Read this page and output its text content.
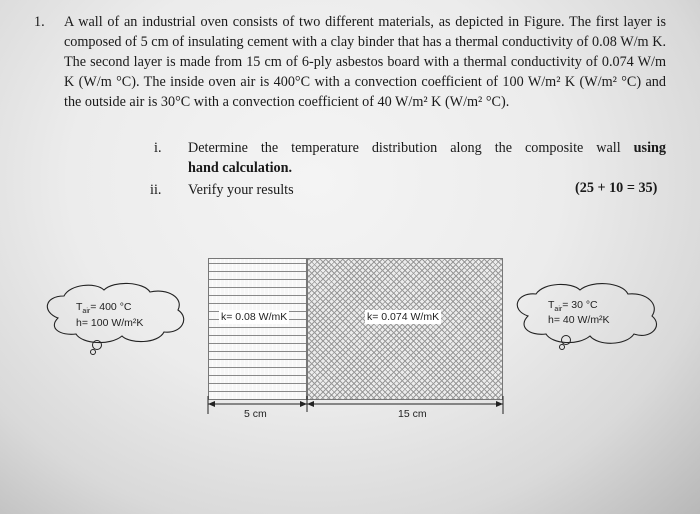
1. A wall of an industrial oven consists of two different materials, as depicted in Figure. The first layer is composed of 5 cm of insulating cement with a clay binder that has a thermal conductivity of 0.08 W/m K. The second layer is made from 15 cm of 6-ply asbestos board with a thermal conductivity of 0.074 W/m K (W/m °C). The inside oven air is 400°C with a convection coefficient of 100 W/m² K (W/m² °C) and the outside air is 30°C with a convection coefficient of 40 W/m² K (W/m² °C).
i. Determine the temperature distribution along the composite wall using
hand calculation.
ii. Verify your results	(25 + 10 = 35)
k= 0.08 W/mK	k= 0.074 W/mK
$T_{air}= 400$ °C
h= 100 W/m²K
$T_{air}= 30$ °C
h= 40 W/m²K
5 cm	15 cm
